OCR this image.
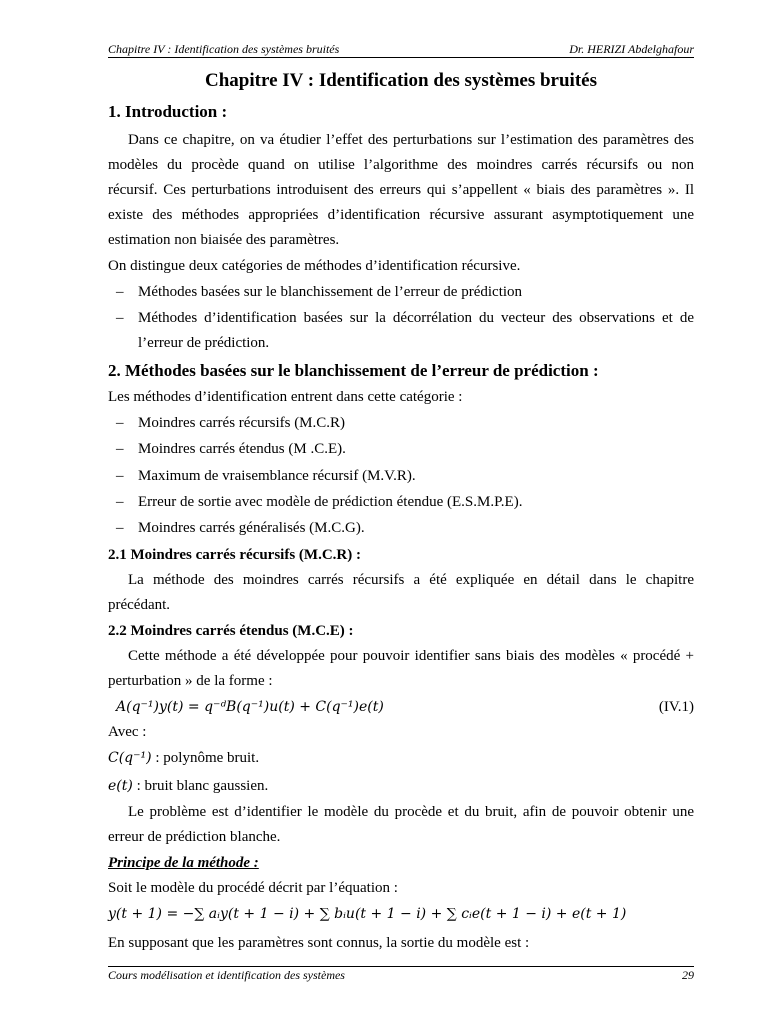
Chapitre IV : Identification des systèmes bruités	Dr. HERIZI Abdelghafour
Chapitre IV : Identification des systèmes bruités
1. Introduction :
Dans ce chapitre, on va étudier l’effet des perturbations sur l’estimation des paramètres des
modèles du procède quand on utilise l’algorithme des moindres carrés récursifs ou non
récursif. Ces perturbations introduisent des erreurs qui s’appellent « biais des paramètres ». Il
existe des méthodes appropriées d’identification récursive assurant asymptotiquement une
estimation non biaisée des paramètres.
On distingue deux catégories de méthodes d’identification récursive.
– Méthodes basées sur le blanchissement de l’erreur de prédiction
– Méthodes d’identification basées sur la décorrélation du vecteur des observations et de
l’erreur de prédiction.
2. Méthodes basées sur le blanchissement de l’erreur de prédiction :
Les méthodes d’identification entrent dans cette catégorie :
– Moindres carrés récursifs (M.C.R)
– Moindres carrés étendus (M .C.E).
– Maximum de vraisemblance récursif (M.V.R).
– Erreur de sortie avec modèle de prédiction étendue (E.S.M.P.E).
– Moindres carrés généralisés (M.C.G).
2.1 Moindres carrés récursifs (M.C.R) :
La méthode des moindres carrés récursifs a été expliquée en détail dans le chapitre
précédant.
2.2 Moindres carrés étendus (M.C.E) :
Cette méthode a été développée pour pouvoir identifier sans biais des modèles « procédé +
perturbation » de la forme :
A(q⁻¹)y(t) = q⁻ᵈB(q⁻¹)u(t) + C(q⁻¹)e(t)	(IV.1)
Avec :
C(q⁻¹) : polynôme bruit.
e(t) : bruit blanc gaussien.
Le problème est d’identifier le modèle du procède et du bruit, afin de pouvoir obtenir une
erreur de prédiction blanche.
Principe de la méthode :
Soit le modèle du procédé décrit par l’équation :
y(t + 1) = −∑ aᵢy(t + 1 − i) + ∑ bᵢu(t + 1 − i) + ∑ cᵢe(t + 1 − i) + e(t + 1)
En supposant que les paramètres sont connus, la sortie du modèle est :
Cours modélisation et identification des systèmes	29
